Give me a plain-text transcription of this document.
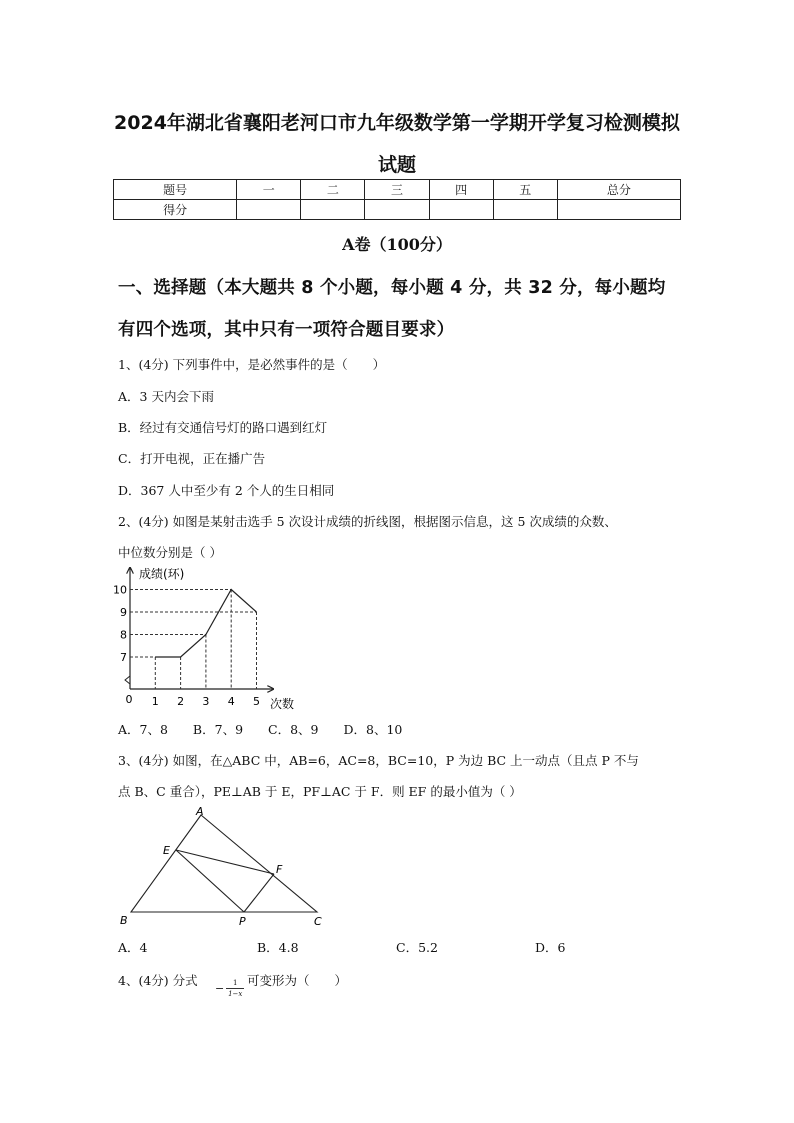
2024年湖北省襄阳老河口市九年级数学第一学期开学复习检测模拟
试题
题号	一	二	三	四	五	总分
得分						
A卷（100分）
一、选择题（本大题共 8 个小题，每小题 4 分，共 32 分，每小题均
有四个选项，其中只有一项符合题目要求）
1、(4分) 下列事件中，是必然事件的是（　　）
A．3 天内会下雨
B．经过有交通信号灯的路口遇到红灯
C．打开电视，正在播广告
D．367 人中至少有 2 个人的生日相同
2、(4分) 如图是某射击选手 5 次设计成绩的折线图，根据图示信息，这 5 次成绩的众数、
中位数分别是（ ）
成绩(环)
次数
0 1 2 3 4 5
7
8
9
10
A．7、8　　B．7、9　　C．8、9　　D．8、10
3、(4分) 如图，在△ABC 中，AB=6，AC=8，BC=10，P 为边 BC 上一动点（且点 P 不与
点 B、C 重合），PE⊥AB 于 E，PF⊥AC 于 F．则 EF 的最小值为（ ）
A
B	C
E
F
P
A．4	B．4.8	C．5.2	D．6
4、(4分) 分式
− 1
1−x
可变形为（　　）
